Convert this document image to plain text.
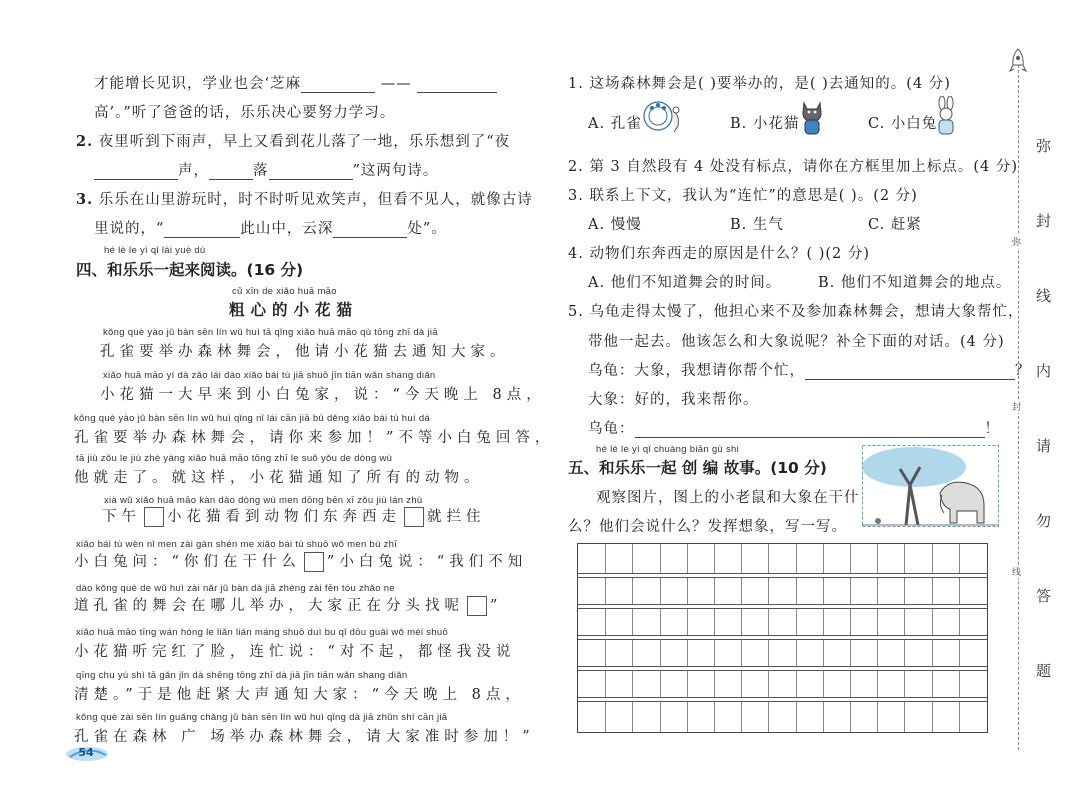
才能增长见识，学业也会‘芝麻	——
高’。”听了爸爸的话，乐乐决心要努力学习。
2. 夜里听到下雨声，早上又看到花儿落了一地，乐乐想到了“夜
声，	落	”这两句诗。
3. 乐乐在山里游玩时，时不时听见欢笑声，但看不见人，就像古诗
里说的，“	此山中，云深	处”。
hé lè le yì qǐ lái yuè dú
四、和乐乐一起来阅读。(16 分)
cū xīn de xiǎo huā māo
粗心的小花猫
kǒng què yào jǔ bàn sēn lín wǔ huì tā qǐng xiǎo huā māo qù tōng zhī dà jiā
孔雀要举办森林舞会，他请小花猫去通知大家。
xiǎo huā māo yí dà zǎo lái dào xiǎo bái tù jiā shuō jīn tiān wǎn shang diǎn
小花猫一大早来到小白兔家，说：“今天晚上 8点，
kǒng què yào jǔ bàn sēn lín wǔ huì qǐng nǐ lái cān jiā bù děng xiǎo bái tù huí dá
孔雀要举办森林舞会，请你来参加！”不等小白兔回答，
tā jiù zǒu le jiù zhè yàng xiǎo huā māo tōng zhī le suǒ yǒu de dòng wù
他就走了。就这样，小花猫通知了所有的动物。
xià wǔ xiǎo huā māo kàn dào dòng wù men dōng bēn xī zǒu jiù lán zhù
下午 小花猫看到动物们东奔西走 就拦住
xiǎo bái tù wèn nǐ men zài gàn shén me xiǎo bái tù shuō wǒ men bù zhī
小白兔问：“你们在干什么 ”小白兔说：“我们不知
dào kǒng què de wǔ huì zài nǎr jǔ bàn dà jiā zhèng zài fēn tóu zhǎo ne
道孔雀的舞会在哪儿举办，大家正在分头找呢 ”
xiǎo huā māo tīng wán hóng le liǎn lián máng shuō duì bu qǐ dōu guài wǒ méi shuō
小花猫听完红了脸，连忙说：“对不起，都怪我没说
qīng chu yú shì tā gǎn jǐn dà shēng tōng zhī dà jiā jīn tiān wǎn shang diǎn
清楚。”于是他赶紧大声通知大家：“今天晚上 8点，
kǒng què zài sēn lín guǎng chǎng jǔ bàn sēn lín wǔ huì qǐng dà jiā zhǔn shí cān jiā
孔雀在森林 广 场举办森林舞会，请大家准时参加！”
54
1. 这场森林舞会是( )要举办的，是( )去通知的。(4 分)
A. 孔雀	B. 小花猫	C. 小白兔
2. 第 3 自然段有 4 处没有标点，请你在方框里加上标点。(4 分)
3. 联系上下文，我认为“连忙”的意思是( )。(2 分)
A. 慢慢	B. 生气	C. 赶紧
4. 动物们东奔西走的原因是什么？( )(2 分)
A. 他们不知道舞会的时间。	B. 他们不知道舞会的地点。
5. 乌龟走得太慢了，他担心来不及参加森林舞会，想请大象帮忙，
带他一起去。他该怎么和大象说呢？补全下面的对话。(4 分)
乌龟：大象，我想请你帮个忙，	？
大象：好的，我来帮你。
乌龟：	！
hé lè le yì qǐ chuàng biān gù shi
五、和乐乐一起 创 编 故事。(10 分)
观察图片，图上的小老鼠和大象在干什
么？他们会说什么？发挥想象，写一写。
弥
封
线
内
请
勿
答
题
弥
封
线
